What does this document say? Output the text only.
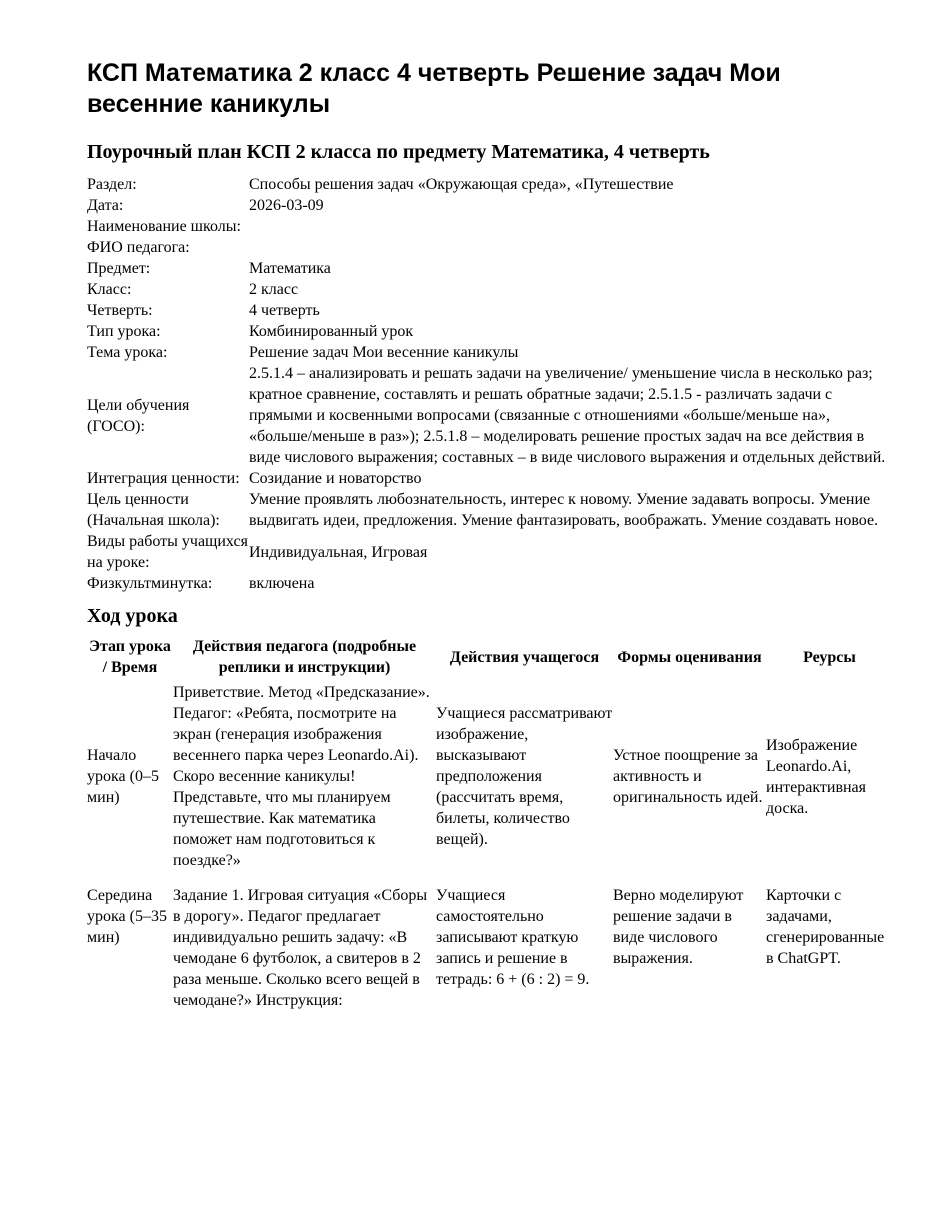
КСП Математика 2 класс 4 четверть Решение задач Мои весенние каникулы
Поурочный план КСП 2 класса по предмету Математика, 4 четверть
Раздел:	Способы решения задач «Окружающая среда», «Путешествие
Дата:	2026-03-09
Наименование школы:	
ФИО педагога:	
Предмет:	Математика
Класс:	2 класс
Четверть:	4 четверть
Тип урока:	Комбинированный урок
Тема урока:	Решение задач Мои весенние каникулы
Цели обучения (ГОСО):	2.5.1.4 – анализировать и решать задачи на увеличение/ уменьшение числа в несколько раз; кратное сравнение, составлять и решать обратные задачи; 2.5.1.5 - различать задачи с прямыми и косвенными вопросами (связанные с отношениями «больше/меньше на», «больше/меньше в раз»); 2.5.1.8 – моделировать решение простых задач на все действия в виде числового выражения; составных – в виде числового выражения и отдельных действий.
Интеграция ценности:	Созидание и новаторство
Цель ценности (Начальная школа):	Умение проявлять любознательность, интерес к новому. Умение задавать вопросы. Умение выдвигать идеи, предложения. Умение фантазировать, воображать. Умение создавать новое.
Виды работы учащихся на уроке:	Индивидуальная, Игровая
Физкультминутка:	включена
Ход урока
Этап урока / Время	Действия педагога (подробные реплики и инструкции)	Действия учащегося	Формы оценивания	Реурсы
Начало урока (0–5 мин)	Приветствие. Метод «Предсказание». Педагог: «Ребята, посмотрите на экран (генерация изображения весеннего парка через Leonardo.Ai). Скоро весенние каникулы! Представьте, что мы планируем путешествие. Как математика поможет нам подготовиться к поездке?»	Учащиеся рассматривают изображение, высказывают предположения (рассчитать время, билеты, количество вещей).	Устное поощрение за активность и оригинальность идей.	Изображение Leonardo.Ai, интерактивная доска.
Середина урока (5–35 мин)	Задание 1. Игровая ситуация «Сборы в дорогу». Педагог предлагает индивидуально решить задачу: «В чемодане 6 футболок, а свитеров в 2 раза меньше. Сколько всего вещей в чемодане?» Инструкция:	Учащиеся самостоятельно записывают краткую запись и решение в тетрадь: 6 + (6 : 2) = 9.	Верно моделируют решение задачи в виде числового выражения.	Карточки с задачами, сгенерированные в ChatGPT.
